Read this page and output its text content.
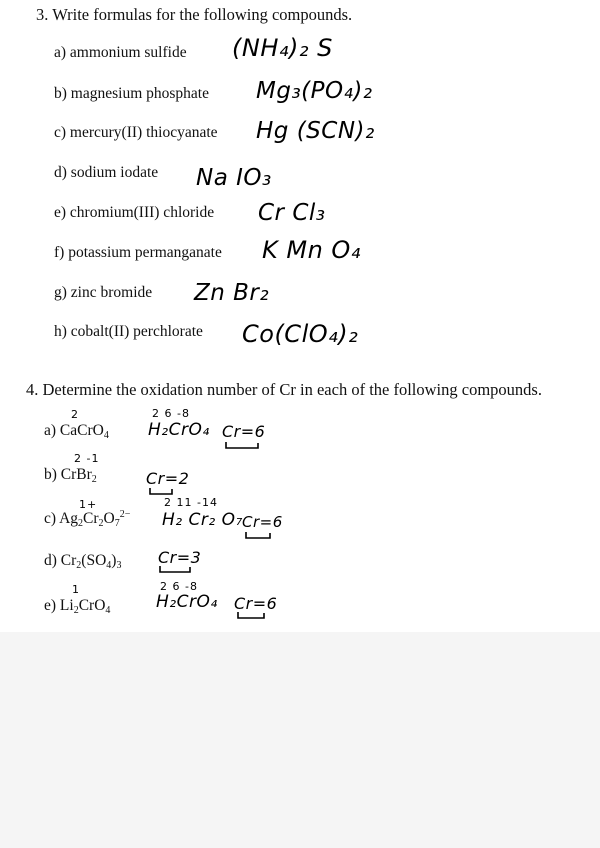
3. Write formulas for the following compounds.
a) ammonium sulfide (NH₄)₂ S
b) magnesium phosphate Mg₃(PO₄)₂
c) mercury(II) thiocyanate Hg (SCN)₂
d) sodium iodate Na IO₃
e) chromium(III) chloride Cr Cl₃
f) potassium permanganate K Mn O₄
g) zinc bromide Zn Br₂
h) cobalt(II) perchlorate Co(ClO₄)₂
4. Determine the oxidation number of Cr in each of the following compounds.
a) CaCrO$_4$
2	2 6 -8
H₂CrO₄ Cr=6
b) CrBr$_2$
2 -1
Cr=2
c) $Ag_2Cr_2O_7^{2-}$
1+	2 11 -14
H₂ Cr₂ O₇ Cr=6
d) $Cr_2(SO_4)_3$ Cr=3
e) $Li_2CrO_4$
1	2 6 -8
H₂CrO₄ Cr=6
